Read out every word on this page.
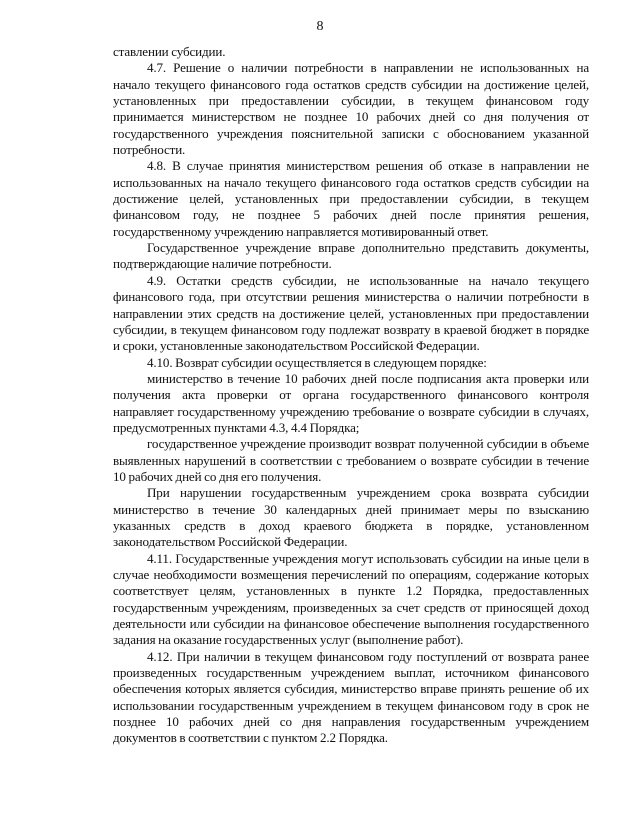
8

ставлении субсидии.

4.7. Решение о наличии потребности в направлении не использованных на начало текущего финансового года остатков средств субсидии на достижение целей, установленных при предоставлении субсидии, в текущем финансовом году принимается министерством не позднее 10 рабочих дней со дня получения от государственного учреждения пояснительной записки с обоснованием указанной потребности.

4.8. В случае принятия министерством решения об отказе в направлении не использованных на начало текущего финансового года остатков средств субсидии на достижение целей, установленных при предоставлении субсидии, в текущем финансовом году, не позднее 5 рабочих дней после принятия решения, государственному учреждению направляется мотивированный ответ.

Государственное учреждение вправе дополнительно представить документы, подтверждающие наличие потребности.

4.9. Остатки средств субсидии, не использованные на начало текущего финансового года, при отсутствии решения министерства о наличии потребности в направлении этих средств на достижение целей, установленных при предоставлении субсидии, в текущем финансовом году подлежат возврату в краевой бюджет в порядке и сроки, установленные законодательством Российской Федерации.

4.10. Возврат субсидии осуществляется в следующем порядке:

министерство в течение 10 рабочих дней после подписания акта проверки или получения акта проверки от органа государственного финансового контроля направляет государственному учреждению требование о возврате субсидии в случаях, предусмотренных пунктами 4.3, 4.4 Порядка;

государственное учреждение производит возврат полученной субсидии в объеме выявленных нарушений в соответствии с требованием о возврате субсидии в течение 10 рабочих дней со дня его получения.

При нарушении государственным учреждением срока возврата субсидии министерство в течение 30 календарных дней принимает меры по взысканию указанных средств в доход краевого бюджета в порядке, установленном законодательством Российской Федерации.

4.11. Государственные учреждения могут использовать субсидии на иные цели в случае необходимости возмещения перечислений по операциям, содержание которых соответствует целям, установленных в пункте 1.2 Порядка, предоставленных государственным учреждениям, произведенных за счет средств от приносящей доход деятельности или субсидии на финансовое обеспечение выполнения государственного задания на оказание государственных услуг (выполнение работ).

4.12. При наличии в текущем финансовом году поступлений от возврата ранее произведенных государственным учреждением выплат, источником финансового обеспечения которых является субсидия, министерство вправе принять решение об их использовании государственным учреждением в текущем финансовом году в срок не позднее 10 рабочих дней со дня направления государственным учреждением документов в соответствии с пунктом 2.2 Порядка.
